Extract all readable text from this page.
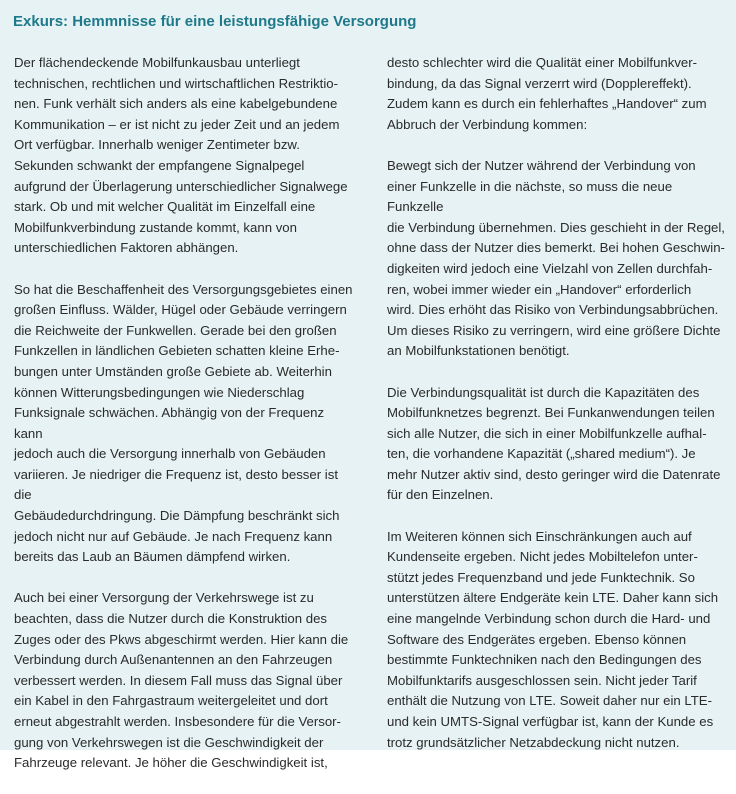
Exkurs: Hemmnisse für eine leistungsfähige Versorgung

Der flächendeckende Mobilfunkausbau unterliegt
technischen, rechtlichen und wirtschaftlichen Restriktio-
nen. Funk verhält sich anders als eine kabelgebundene
Kommunikation – er ist nicht zu jeder Zeit und an jedem
Ort verfügbar. Innerhalb weniger Zentimeter bzw.
Sekunden schwankt der empfangene Signalpegel
aufgrund der Überlagerung unterschiedlicher Signalwege
stark. Ob und mit welcher Qualität im Einzelfall eine
Mobilfunkverbindung zustande kommt, kann von
unterschiedlichen Faktoren abhängen.

So hat die Beschaffenheit des Versorgungsgebietes einen
großen Einfluss. Wälder, Hügel oder Gebäude verringern
die Reichweite der Funkwellen. Gerade bei den großen
Funkzellen in ländlichen Gebieten schatten kleine Erhe-
bungen unter Umständen große Gebiete ab. Weiterhin
können Witterungsbedingungen wie Niederschlag
Funksignale schwächen. Abhängig von der Frequenz kann
jedoch auch die Versorgung innerhalb von Gebäuden
variieren. Je niedriger die Frequenz ist, desto besser ist die
Gebäudedurchdringung. Die Dämpfung beschränkt sich
jedoch nicht nur auf Gebäude. Je nach Frequenz kann
bereits das Laub an Bäumen dämpfend wirken.

Auch bei einer Versorgung der Verkehrswege ist zu
beachten, dass die Nutzer durch die Konstruktion des
Zuges oder des Pkws abgeschirmt werden. Hier kann die
Verbindung durch Außenantennen an den Fahrzeugen
verbessert werden. In diesem Fall muss das Signal über
ein Kabel in den Fahrgastraum weitergeleitet und dort
erneut abgestrahlt werden. Insbesondere für die Versor-
gung von Verkehrswegen ist die Geschwindigkeit der
Fahrzeuge relevant. Je höher die Geschwindigkeit ist,

desto schlechter wird die Qualität einer Mobilfunkver-
bindung, da das Signal verzerrt wird (Dopplereffekt).
Zudem kann es durch ein fehlerhaftes „Handover“ zum
Abbruch der Verbindung kommen:

Bewegt sich der Nutzer während der Verbindung von
einer Funkzelle in die nächste, so muss die neue Funkzelle
die Verbindung übernehmen. Dies geschieht in der Regel,
ohne dass der Nutzer dies bemerkt. Bei hohen Geschwin-
digkeiten wird jedoch eine Vielzahl von Zellen durchfah-
ren, wobei immer wieder ein „Handover“ erforderlich
wird. Dies erhöht das Risiko von Verbindungsabbrüchen.
Um dieses Risiko zu verringern, wird eine größere Dichte
an Mobilfunkstationen benötigt.

Die Verbindungsqualität ist durch die Kapazitäten des
Mobilfunknetzes begrenzt. Bei Funkanwendungen teilen
sich alle Nutzer, die sich in einer Mobilfunkzelle aufhal-
ten, die vorhandene Kapazität („shared medium“). Je
mehr Nutzer aktiv sind, desto geringer wird die Datenrate
für den Einzelnen.

Im Weiteren können sich Einschränkungen auch auf
Kundenseite ergeben. Nicht jedes Mobiltelefon unter-
stützt jedes Frequenzband und jede Funktechnik. So
unterstützen ältere Endgeräte kein LTE. Daher kann sich
eine mangelnde Verbindung schon durch die Hard- und
Software des Endgerätes ergeben. Ebenso können
bestimmte Funktechniken nach den Bedingungen des
Mobilfunktarifs ausgeschlossen sein. Nicht jeder Tarif
enthält die Nutzung von LTE. Soweit daher nur ein LTE-
und kein UMTS-Signal verfügbar ist, kann der Kunde es
trotz grundsätzlicher Netzabdeckung nicht nutzen.
